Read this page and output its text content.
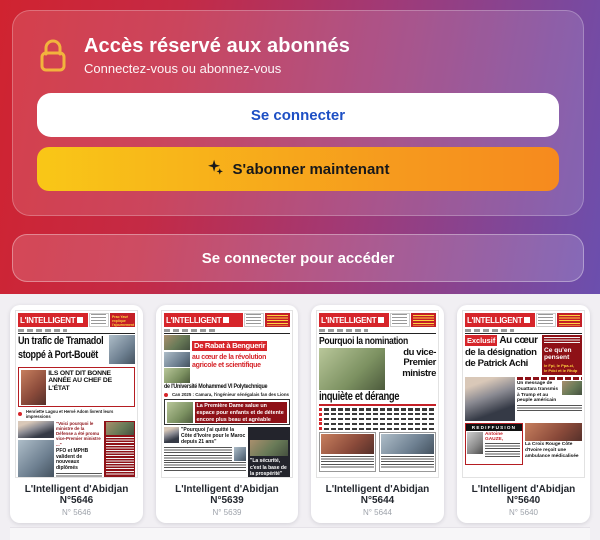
Accès réservé aux abonnés
Connectez-vous ou abonnez-vous
Se connecter
S'abonner maintenant
Se connecter pour accéder
L'INTELLIGENT	Prao Yavé explique l'ajournement
Un trafic de Tramadol
stoppé à Port-Bouët
ILS ONT DIT BONNE ANNÉE AU CHEF DE L'ÉTAT
Henriette Lagou et Hervé Adom livrent leurs impressions
"Voici pourquoi le ministre de la Défense a été promu vice-Premier ministre ..."
PFO et MPHB valident de nouveaux diplômés
L'Intelligent d'Abidjan N°5646
N° 5646
L'INTELLIGENT
De Rabat à Benguerir
au cœur de la révolution
agricole et scientifique
de l'Université Mohammed VI Polytechnique
Can 2025 : Camara, l'ingénieur sénégalais fan des Lions
La Première Dame salue un espace pour enfants et de détente encore plus beau et agréable
"Pourquoi j'ai quitté la Côte d'Ivoire pour le Maroc depuis 21 ans"
"La sécurité, c'est la base de la prospérité"
L'Intelligent d'Abidjan N°5639
N° 5639
L'INTELLIGENT
Pourquoi la nomination
du vice-
Premier
ministre
inquiète et dérange
L'Intelligent d'Abidjan N°5644
N° 5644
L'INTELLIGENT
Exclusif Au cœur
de la désignation
de Patrick Achi
Ce qu'en pensent
le Fpi, le Ppa-ci,
le Pdci et le Rhdp
Un message de Ouattara transmis à Trump et au peuple américain
REDIFFUSION
Antoine GAUZE,
La Croix Rouge Côte d'Ivoire reçoit une ambulance médicalisée
L'Intelligent d'Abidjan N°5640
N° 5640
